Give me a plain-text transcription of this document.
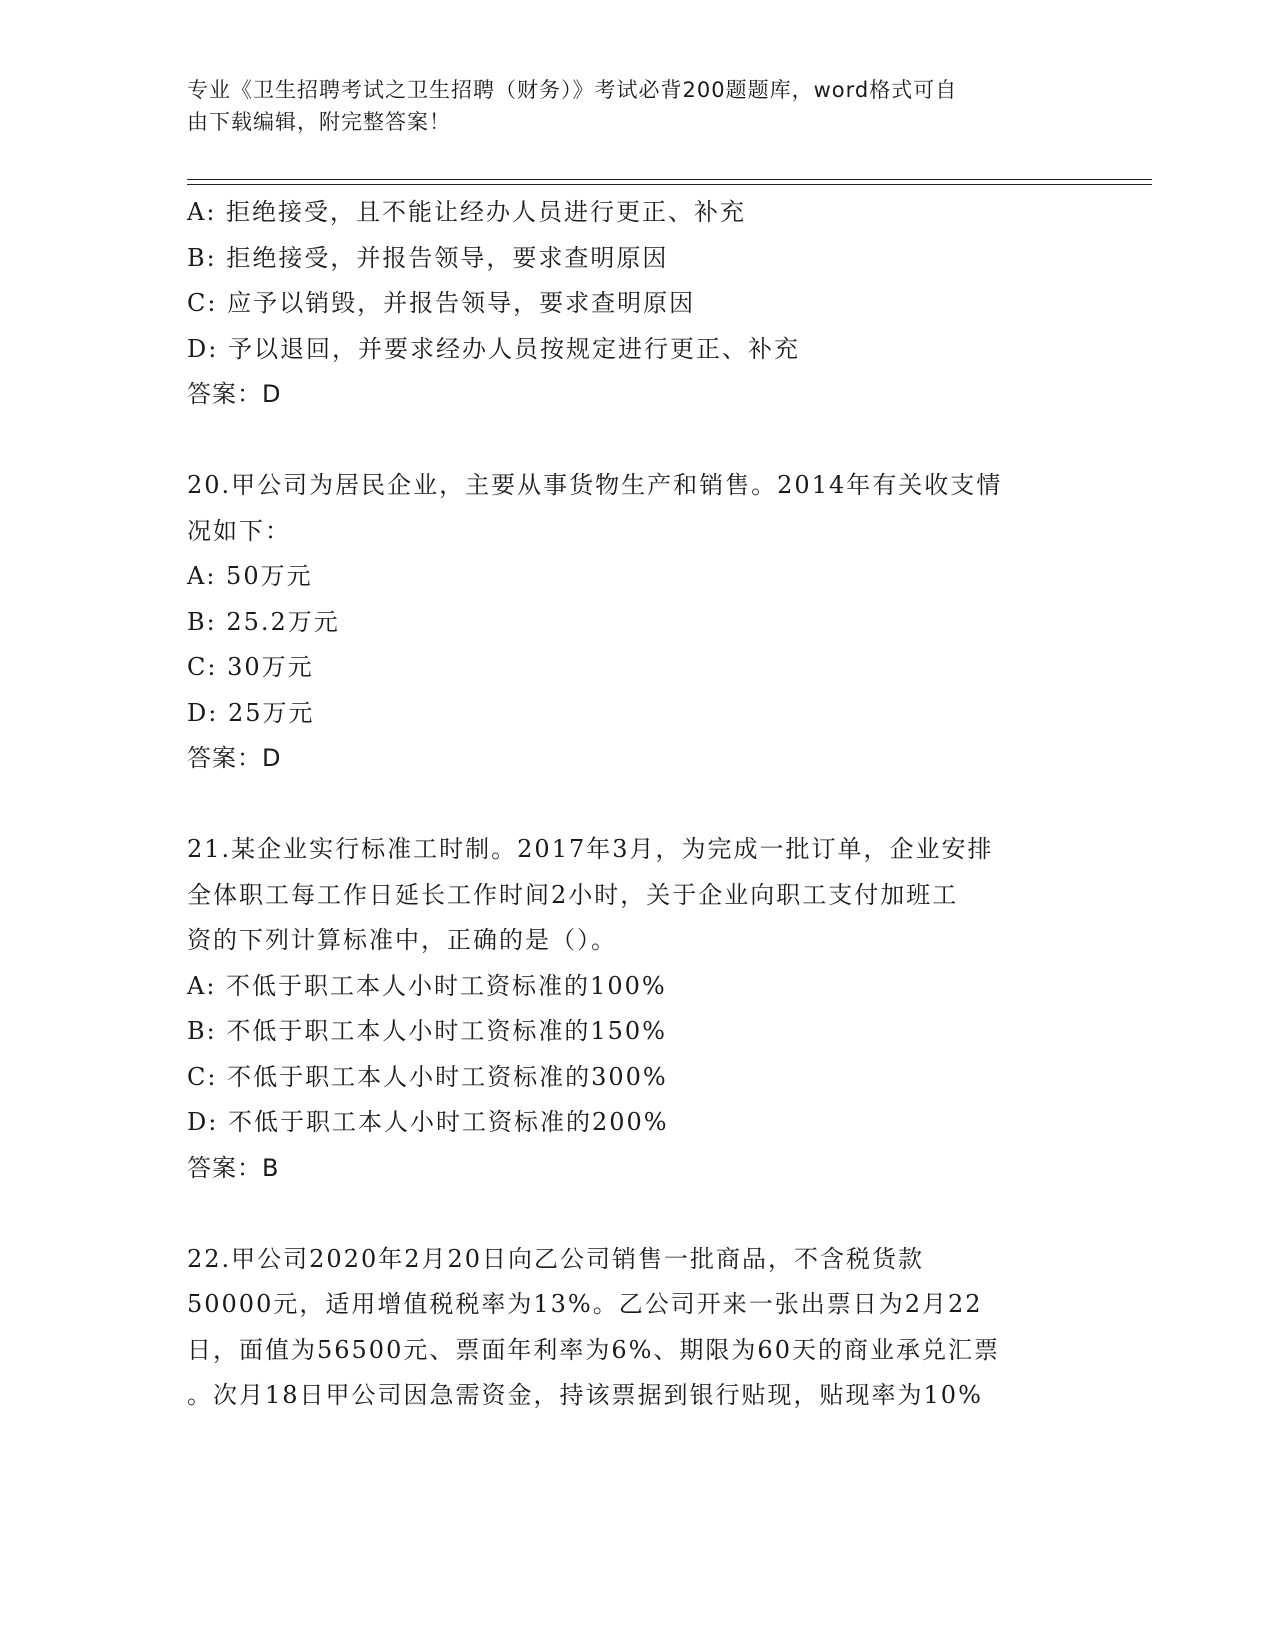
专业《卫生招聘考试之卫生招聘（财务）》考试必背200题题库，word格式可自
由下载编辑，附完整答案！
A: 拒绝接受，且不能让经办人员进行更正、补充
B: 拒绝接受，并报告领导，要求查明原因
C: 应予以销毁，并报告领导，要求查明原因
D: 予以退回，并要求经办人员按规定进行更正、补充
答案：D
20.甲公司为居民企业，主要从事货物生产和销售。2014年有关收支情
况如下：
A: 50万元
B: 25.2万元
C: 30万元
D: 25万元
答案：D
21.某企业实行标准工时制。2017年3月，为完成一批订单，企业安排
全体职工每工作日延长工作时间2小时，关于企业向职工支付加班工
资的下列计算标准中，正确的是（）。
A: 不低于职工本人小时工资标准的100%
B: 不低于职工本人小时工资标准的150%
C: 不低于职工本人小时工资标准的300%
D: 不低于职工本人小时工资标准的200%
答案：B
22.甲公司2020年2月20日向乙公司销售一批商品，不含税货款
50000元，适用增值税税率为13%。乙公司开来一张出票日为2月22
日，面值为56500元、票面年利率为6%、期限为60天的商业承兑汇票
。次月18日甲公司因急需资金，持该票据到银行贴现，贴现率为10%
